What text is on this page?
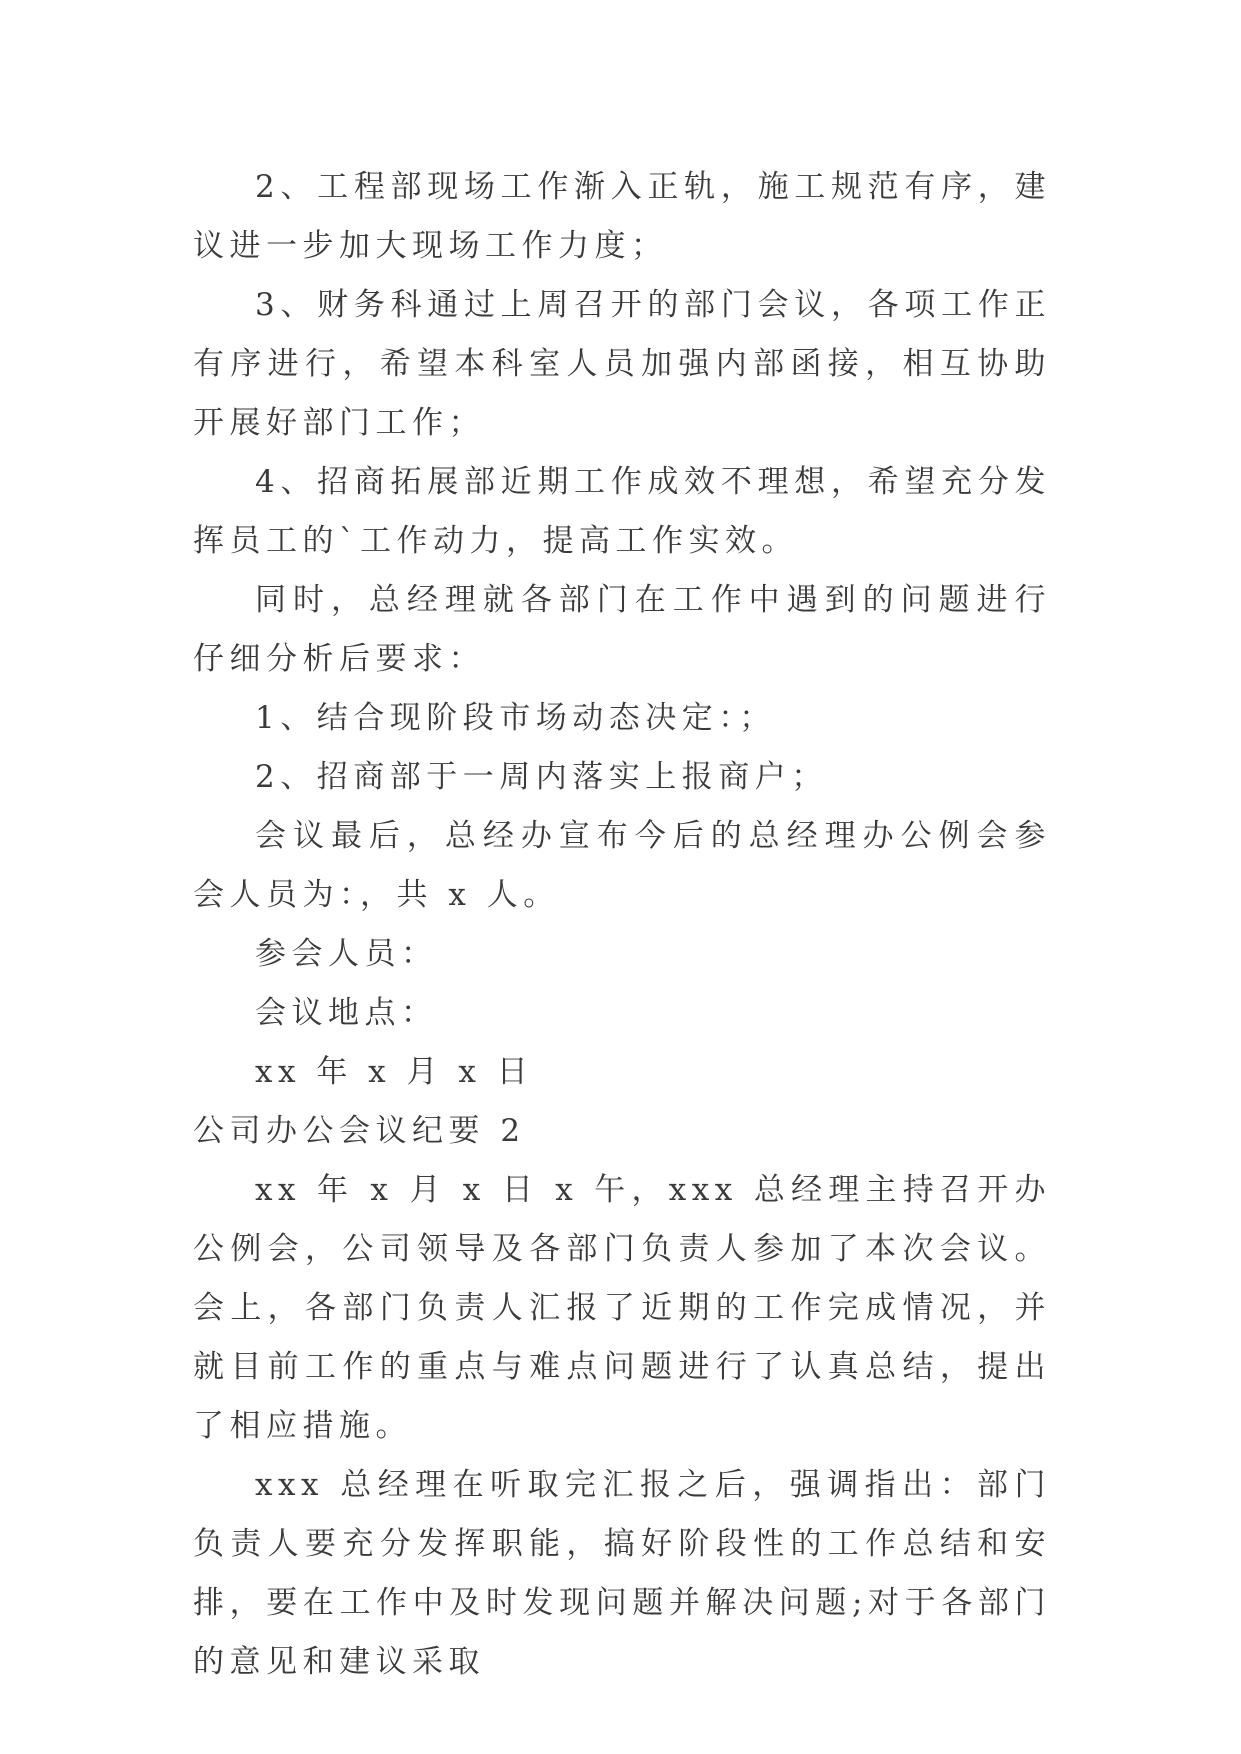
2、工程部现场工作渐入正轨，施工规范有序，建议进一步加大现场工作力度；

3、财务科通过上周召开的部门会议，各项工作正有序进行，希望本科室人员加强内部函接，相互协助开展好部门工作；

4、招商拓展部近期工作成效不理想，希望充分发挥员工的`工作动力，提高工作实效。

同时，总经理就各部门在工作中遇到的问题进行仔细分析后要求：

1、结合现阶段市场动态决定：；

2、招商部于一周内落实上报商户；

会议最后，总经办宣布今后的总经理办公例会参会人员为：，共 x 人。

参会人员：

会议地点：

xx 年 x 月 x 日

公司办公会议纪要 2

xx 年 x 月 x 日 x 午，xxx 总经理主持召开办公例会，公司领导及各部门负责人参加了本次会议。会上，各部门负责人汇报了近期的工作完成情况，并就目前工作的重点与难点问题进行了认真总结，提出了相应措施。

xxx 总经理在听取完汇报之后，强调指出：部门负责人要充分发挥职能，搞好阶段性的工作总结和安排，要在工作中及时发现问题并解决问题;对于各部门的意见和建议采取
